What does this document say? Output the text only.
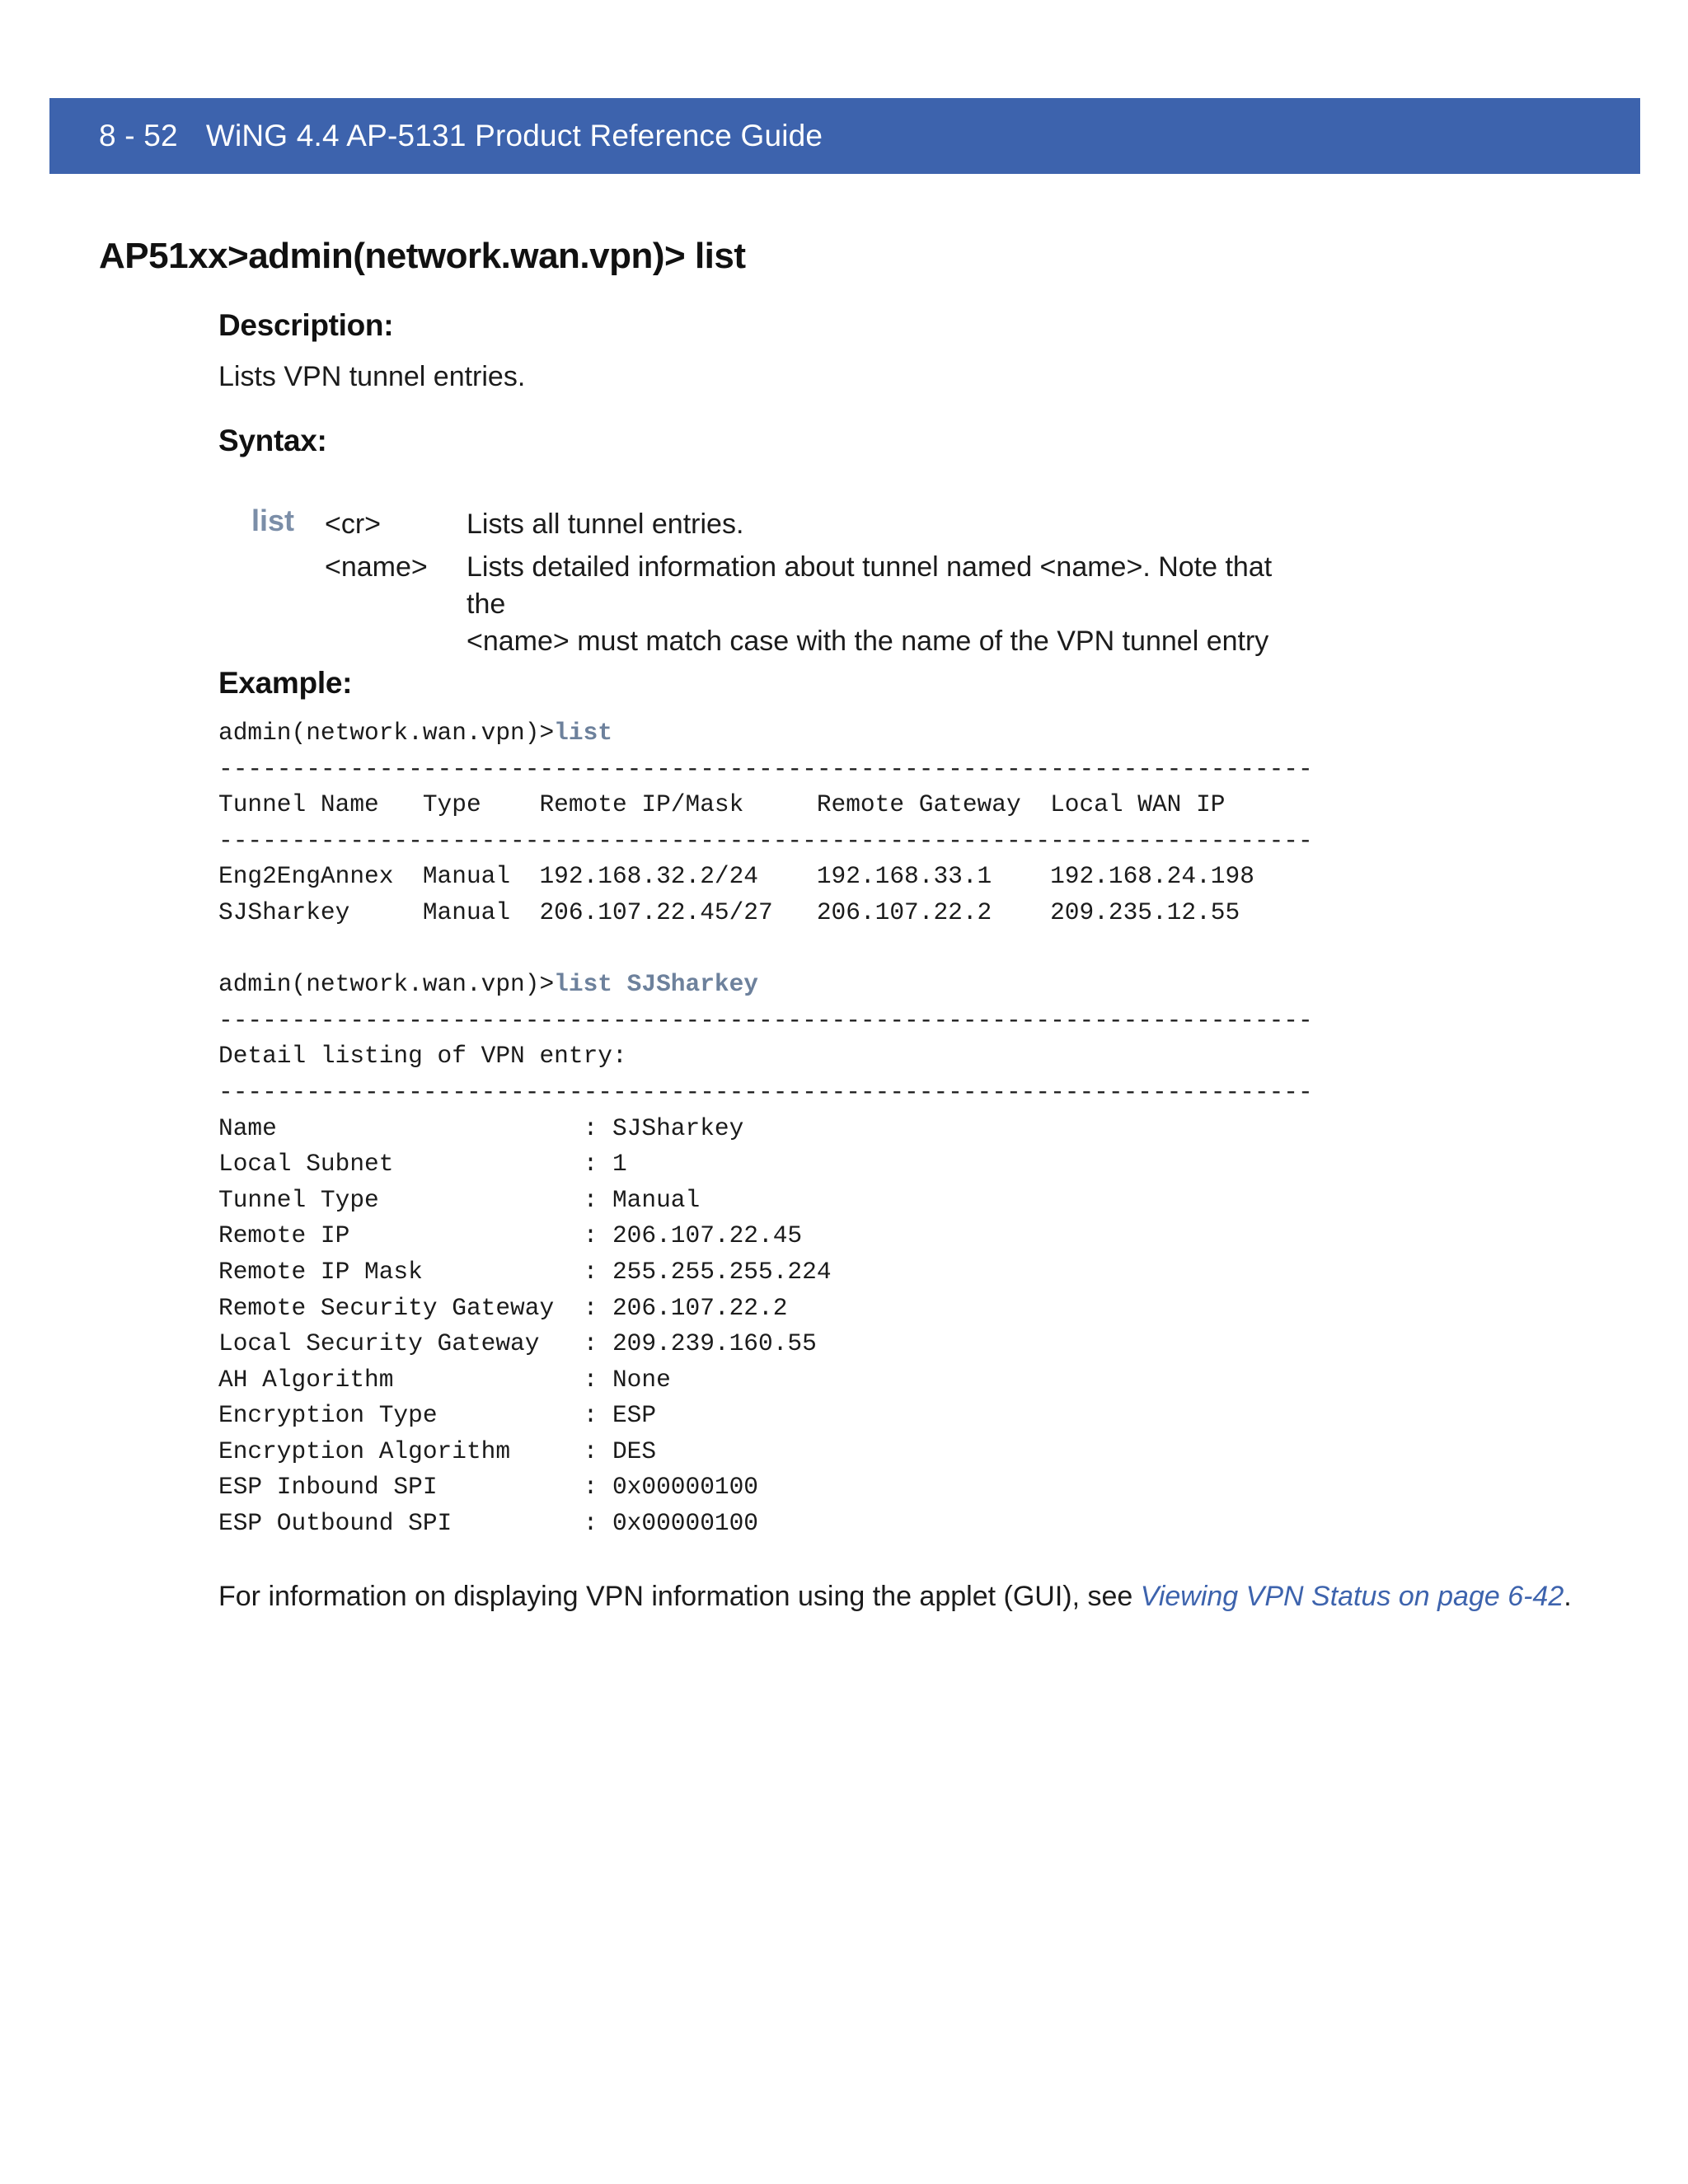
8 - 52 WiNG 4.4 AP-5131 Product Reference Guide
AP51xx>admin(network.wan.vpn)> list
Description:
Lists VPN tunnel entries.
Syntax:
list <cr>	Lists all tunnel entries.
<name> Lists detailed information about tunnel named <name>. Note that the
<name> must match case with the name of the VPN tunnel entry
Example:
admin(network.wan.vpn)>list
---------------------------------------------------------------------------
Tunnel Name   Type    Remote IP/Mask     Remote Gateway  Local WAN IP
---------------------------------------------------------------------------
Eng2EngAnnex  Manual  192.168.32.2/24    192.168.33.1    192.168.24.198
SJSharkey     Manual  206.107.22.45/27   206.107.22.2    209.235.12.55

admin(network.wan.vpn)>list SJSharkey
---------------------------------------------------------------------------
Detail listing of VPN entry:
---------------------------------------------------------------------------
Name                     : SJSharkey
Local Subnet             : 1
Tunnel Type              : Manual
Remote IP                : 206.107.22.45
Remote IP Mask           : 255.255.255.224
Remote Security Gateway  : 206.107.22.2
Local Security Gateway   : 209.239.160.55
AH Algorithm             : None
Encryption Type          : ESP
Encryption Algorithm     : DES
ESP Inbound SPI          : 0x00000100
ESP Outbound SPI         : 0x00000100
For information on displaying VPN information using the applet (GUI), see Viewing VPN Status on page 6-42.
